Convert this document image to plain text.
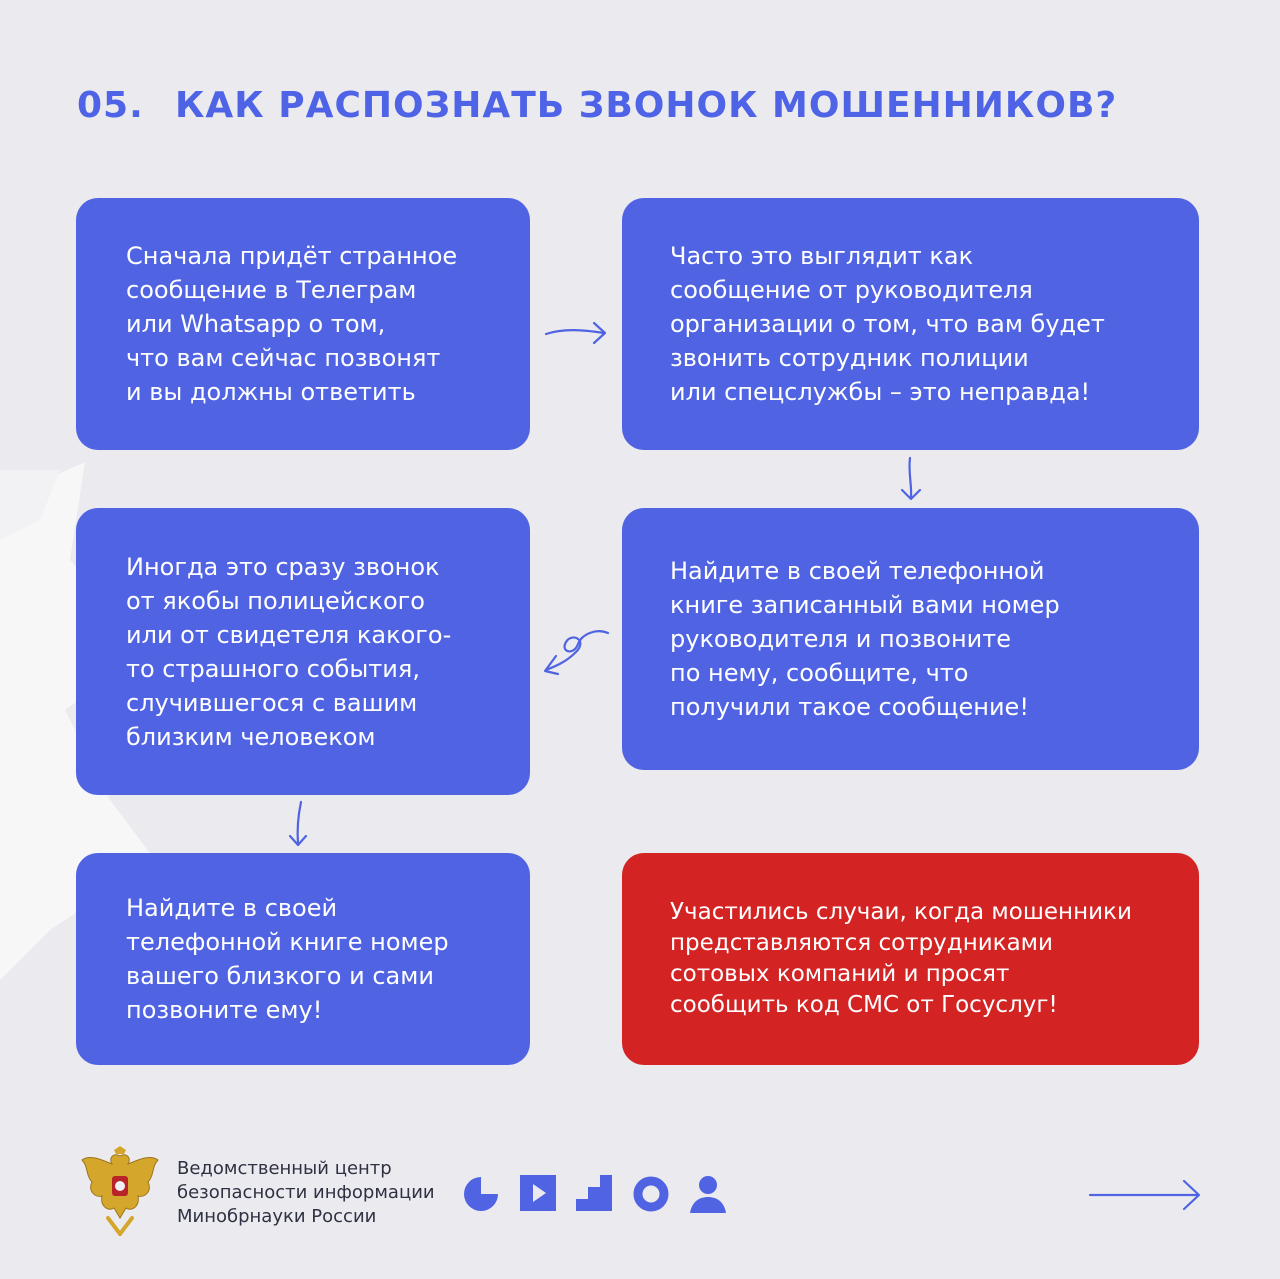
05. КАК РАСПОЗНАТЬ ЗВОНОК МОШЕННИКОВ?
Сначала придёт странное
сообщение в Телеграм
или Whatsapp о том,
что вам сейчас позвонят
и вы должны ответить
Часто это выглядит как
сообщение от руководителя
организации о том, что вам будет
звонить сотрудник полиции
или спецслужбы – это неправда!
Иногда это сразу звонок
от якобы полицейского
или от свидетеля какого-
то страшного события,
случившегося с вашим
близким человеком
Найдите в своей телефонной
книге записанный вами номер
руководителя и позвоните
по нему, сообщите, что
получили такое сообщение!
Найдите в своей
телефонной книге номер
вашего близкого и сами
позвоните ему!
Участились случаи, когда мошенники
представляются сотрудниками
сотовых компаний и просят
сообщить код СМС от Госуслуг!
Ведомственный центр
безопасности информации
Минобрнауки России
